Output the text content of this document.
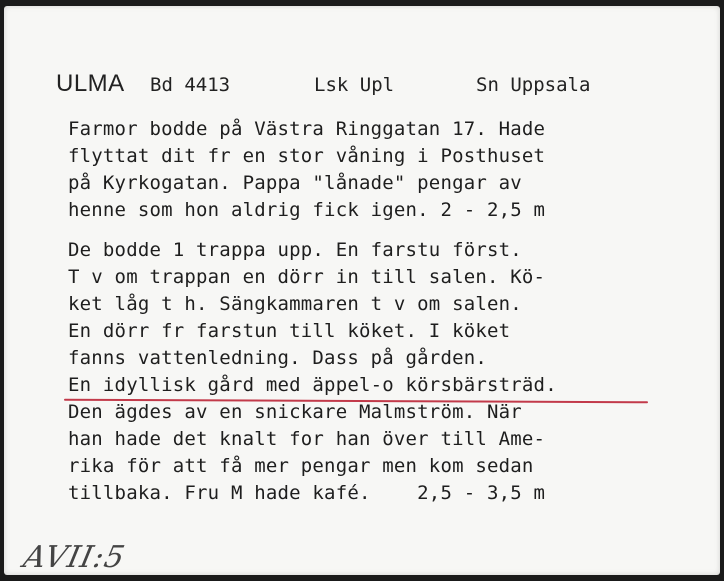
ULMA Bd 4413	Lsk Upl	Sn Uppsala

Farmor bodde på Västra Ringgatan 17. Hade
flyttat dit fr en stor våning i Posthuset
på Kyrkogatan. Pappa "lånade" pengar av
henne som hon aldrig fick igen. 2 - 2,5 m

De bodde 1 trappa upp. En farstu först.
T v om trappan en dörr in till salen. Kö-
ket låg t h. Sängkammaren t v om salen.
En dörr fr farstun till köket. I köket
fanns vattenledning. Dass på gården.
En idyllisk gård med äppel-o körsbärsträd.
Den ägdes av en snickare Malmström. När
han hade det knalt for han över till Ame-
rika för att få mer pengar men kom sedan
tillbaka. Fru M hade kafé.    2,5 - 3,5 m

AVII:5
